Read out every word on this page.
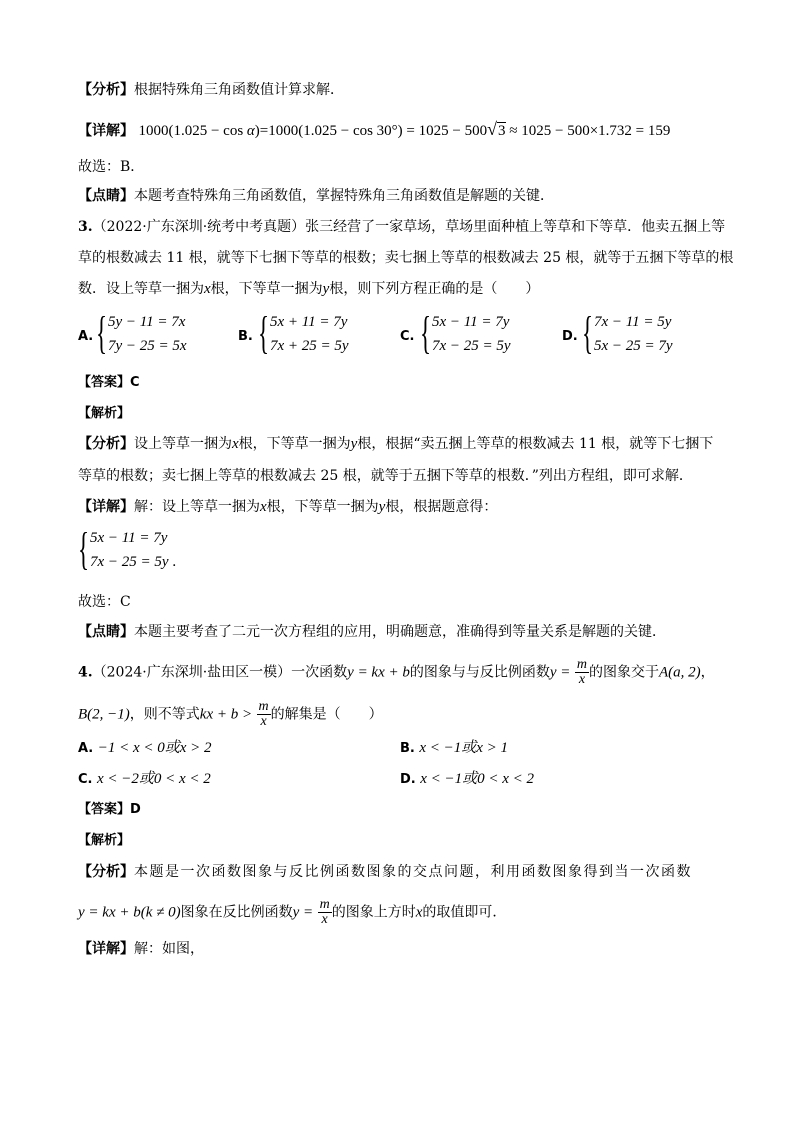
【分析】根据特殊角三角函数值计算求解．
【详解】 1000(1.025 − cos α)=1000(1.025 − cos 30°) = 1025 − 500√3 ≈ 1025 − 500×1.732 = 159
故选：B．
【点睛】本题考查特殊角三角函数值，掌握特殊角三角函数值是解题的关键．
3.（2022·广东深圳·统考中考真题）张三经营了一家草场，草场里面种植上等草和下等草．他卖五捆上等
草的根数减去 11 根，就等下七捆下等草的根数；卖七捆上等草的根数减去 25 根，就等于五捆下等草的根
数．设上等草一捆为x根，下等草一捆为y根，则下列方程正确的是（　　）
A. { 5y − 11 = 7x
7y − 25 = 5x
B. { 5x + 11 = 7y
7x + 25 = 5y
C. { 5x − 11 = 7y
7x − 25 = 5y
D. { 7x − 11 = 5y
5x − 25 = 7y
【答案】C
【解析】
【分析】设上等草一捆为x根，下等草一捆为y根，根据“卖五捆上等草的根数减去 11 根，就等下七捆下
等草的根数；卖七捆上等草的根数减去 25 根，就等于五捆下等草的根数．”列出方程组，即可求解．
【详解】解：设上等草一捆为x根，下等草一捆为y根，根据题意得：
{ 5x − 11 = 7y
7x − 25 = 5y .
故选：C
【点睛】本题主要考查了二元一次方程组的应用，明确题意，准确得到等量关系是解题的关键．
4.（2024·广东深圳·盐田区一模）一次函数y = kx + b的图象与与反比例函数$y = \frac{m}{x}$ 的图象交于A(a, 2)，
B(2, −1)，则不等式kx + $b > \frac{m}{x}$ 的解集是（　　）
A. −1 < x < 0或x > 2	B. x < −1或x > 1
C. x < −2或0 < x < 2	D. x < −1或0 < x < 2
【答案】D
【解析】
【分析】本题是一次函数图象与反比例函数图象的交点问题，利用函数图象得到当一次函数
y = kx + b(k ≠ 0)图象在反比例函数$y = \frac{m}{x}$ 的图象上方时x的取值即可．
【详解】解：如图，
